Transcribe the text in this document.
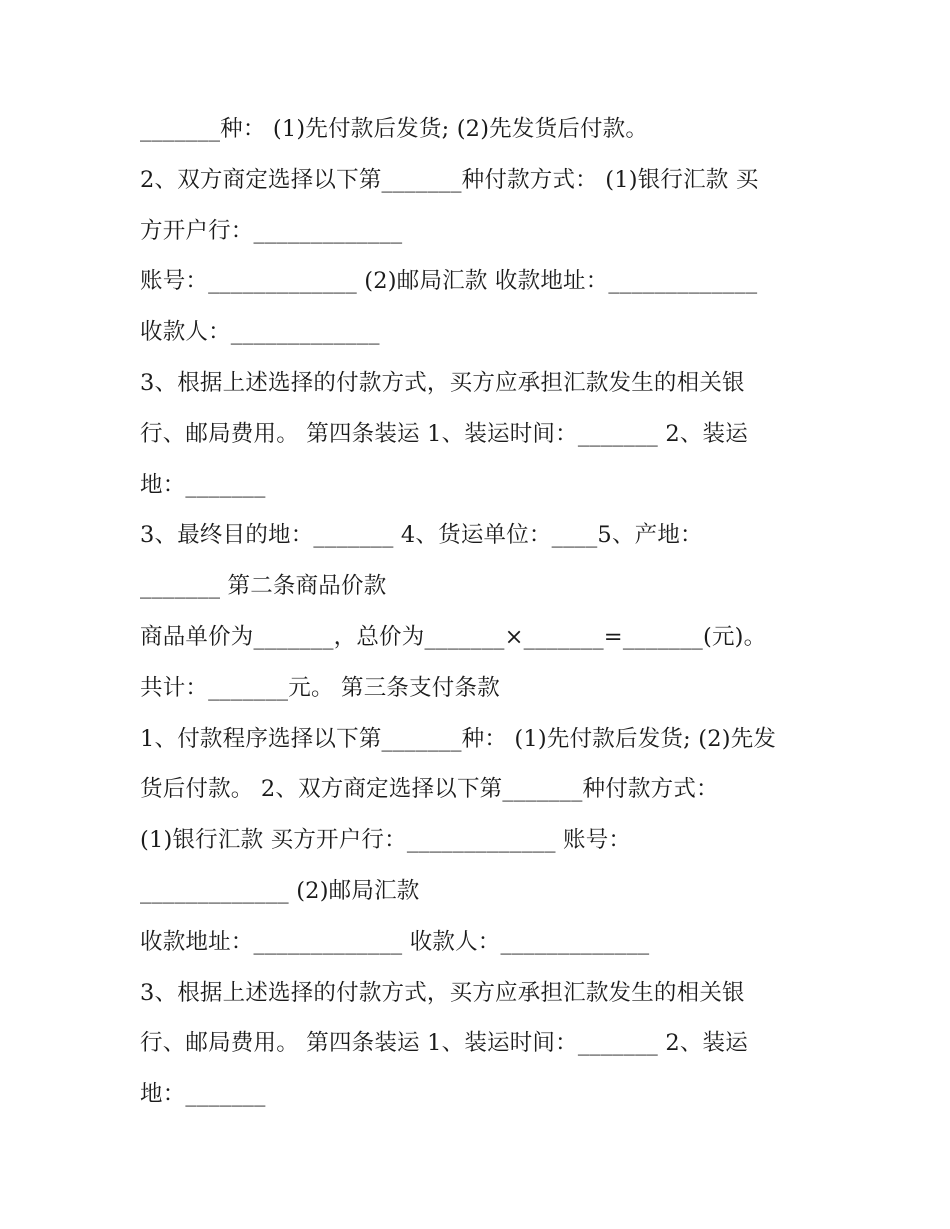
_______种： (1)先付款后发货; (2)先发货后付款。
2、双方商定选择以下第_______种付款方式： (1)银行汇款 买
方开户行：_____________
账号：_____________ (2)邮局汇款 收款地址：_____________
收款人：_____________
3、根据上述选择的付款方式，买方应承担汇款发生的相关银
行、邮局费用。 第四条装运 1、装运时间：_______ 2、装运
地：_______
3、最终目的地：_______ 4、货运单位：____5、产地：
_______ 第二条商品价款
商品单价为_______，总价为_______×_______=_______(元)。
共计：_______元。 第三条支付条款
1、付款程序选择以下第_______种： (1)先付款后发货; (2)先发
货后付款。 2、双方商定选择以下第_______种付款方式：
(1)银行汇款 买方开户行：_____________ 账号：
_____________ (2)邮局汇款
收款地址：_____________ 收款人：_____________
3、根据上述选择的付款方式，买方应承担汇款发生的相关银
行、邮局费用。 第四条装运 1、装运时间：_______ 2、装运
地：_______
